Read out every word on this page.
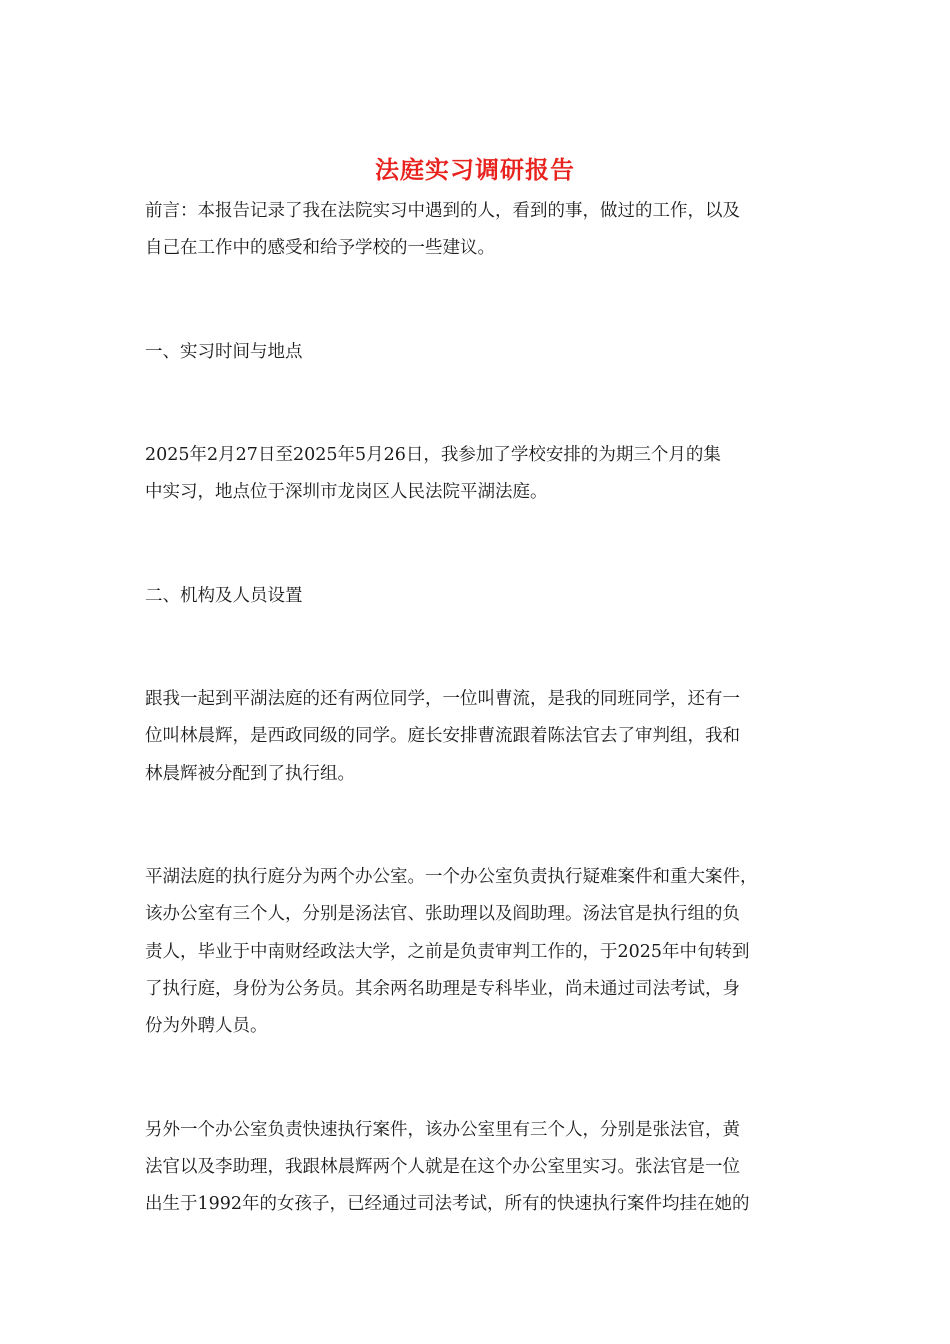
法庭实习调研报告
前言：本报告记录了我在法院实习中遇到的人，看到的事，做过的工作，以及
自己在工作中的感受和给予学校的一些建议。
一、实习时间与地点
2025年2月27日至2025年5月26日，我参加了学校安排的为期三个月的集
中实习，地点位于深圳市龙岗区人民法院平湖法庭。
二、机构及人员设置
跟我一起到平湖法庭的还有两位同学，一位叫曹流，是我的同班同学，还有一
位叫林晨辉，是西政同级的同学。庭长安排曹流跟着陈法官去了审判组，我和
林晨辉被分配到了执行组。
平湖法庭的执行庭分为两个办公室。一个办公室负责执行疑难案件和重大案件，
该办公室有三个人，分别是汤法官、张助理以及阎助理。汤法官是执行组的负
责人，毕业于中南财经政法大学，之前是负责审判工作的，于2025年中旬转到
了执行庭，身份为公务员。其余两名助理是专科毕业，尚未通过司法考试，身
份为外聘人员。
另外一个办公室负责快速执行案件，该办公室里有三个人，分别是张法官，黄
法官以及李助理，我跟林晨辉两个人就是在这个办公室里实习。张法官是一位
出生于1992年的女孩子，已经通过司法考试，所有的快速执行案件均挂在她的
